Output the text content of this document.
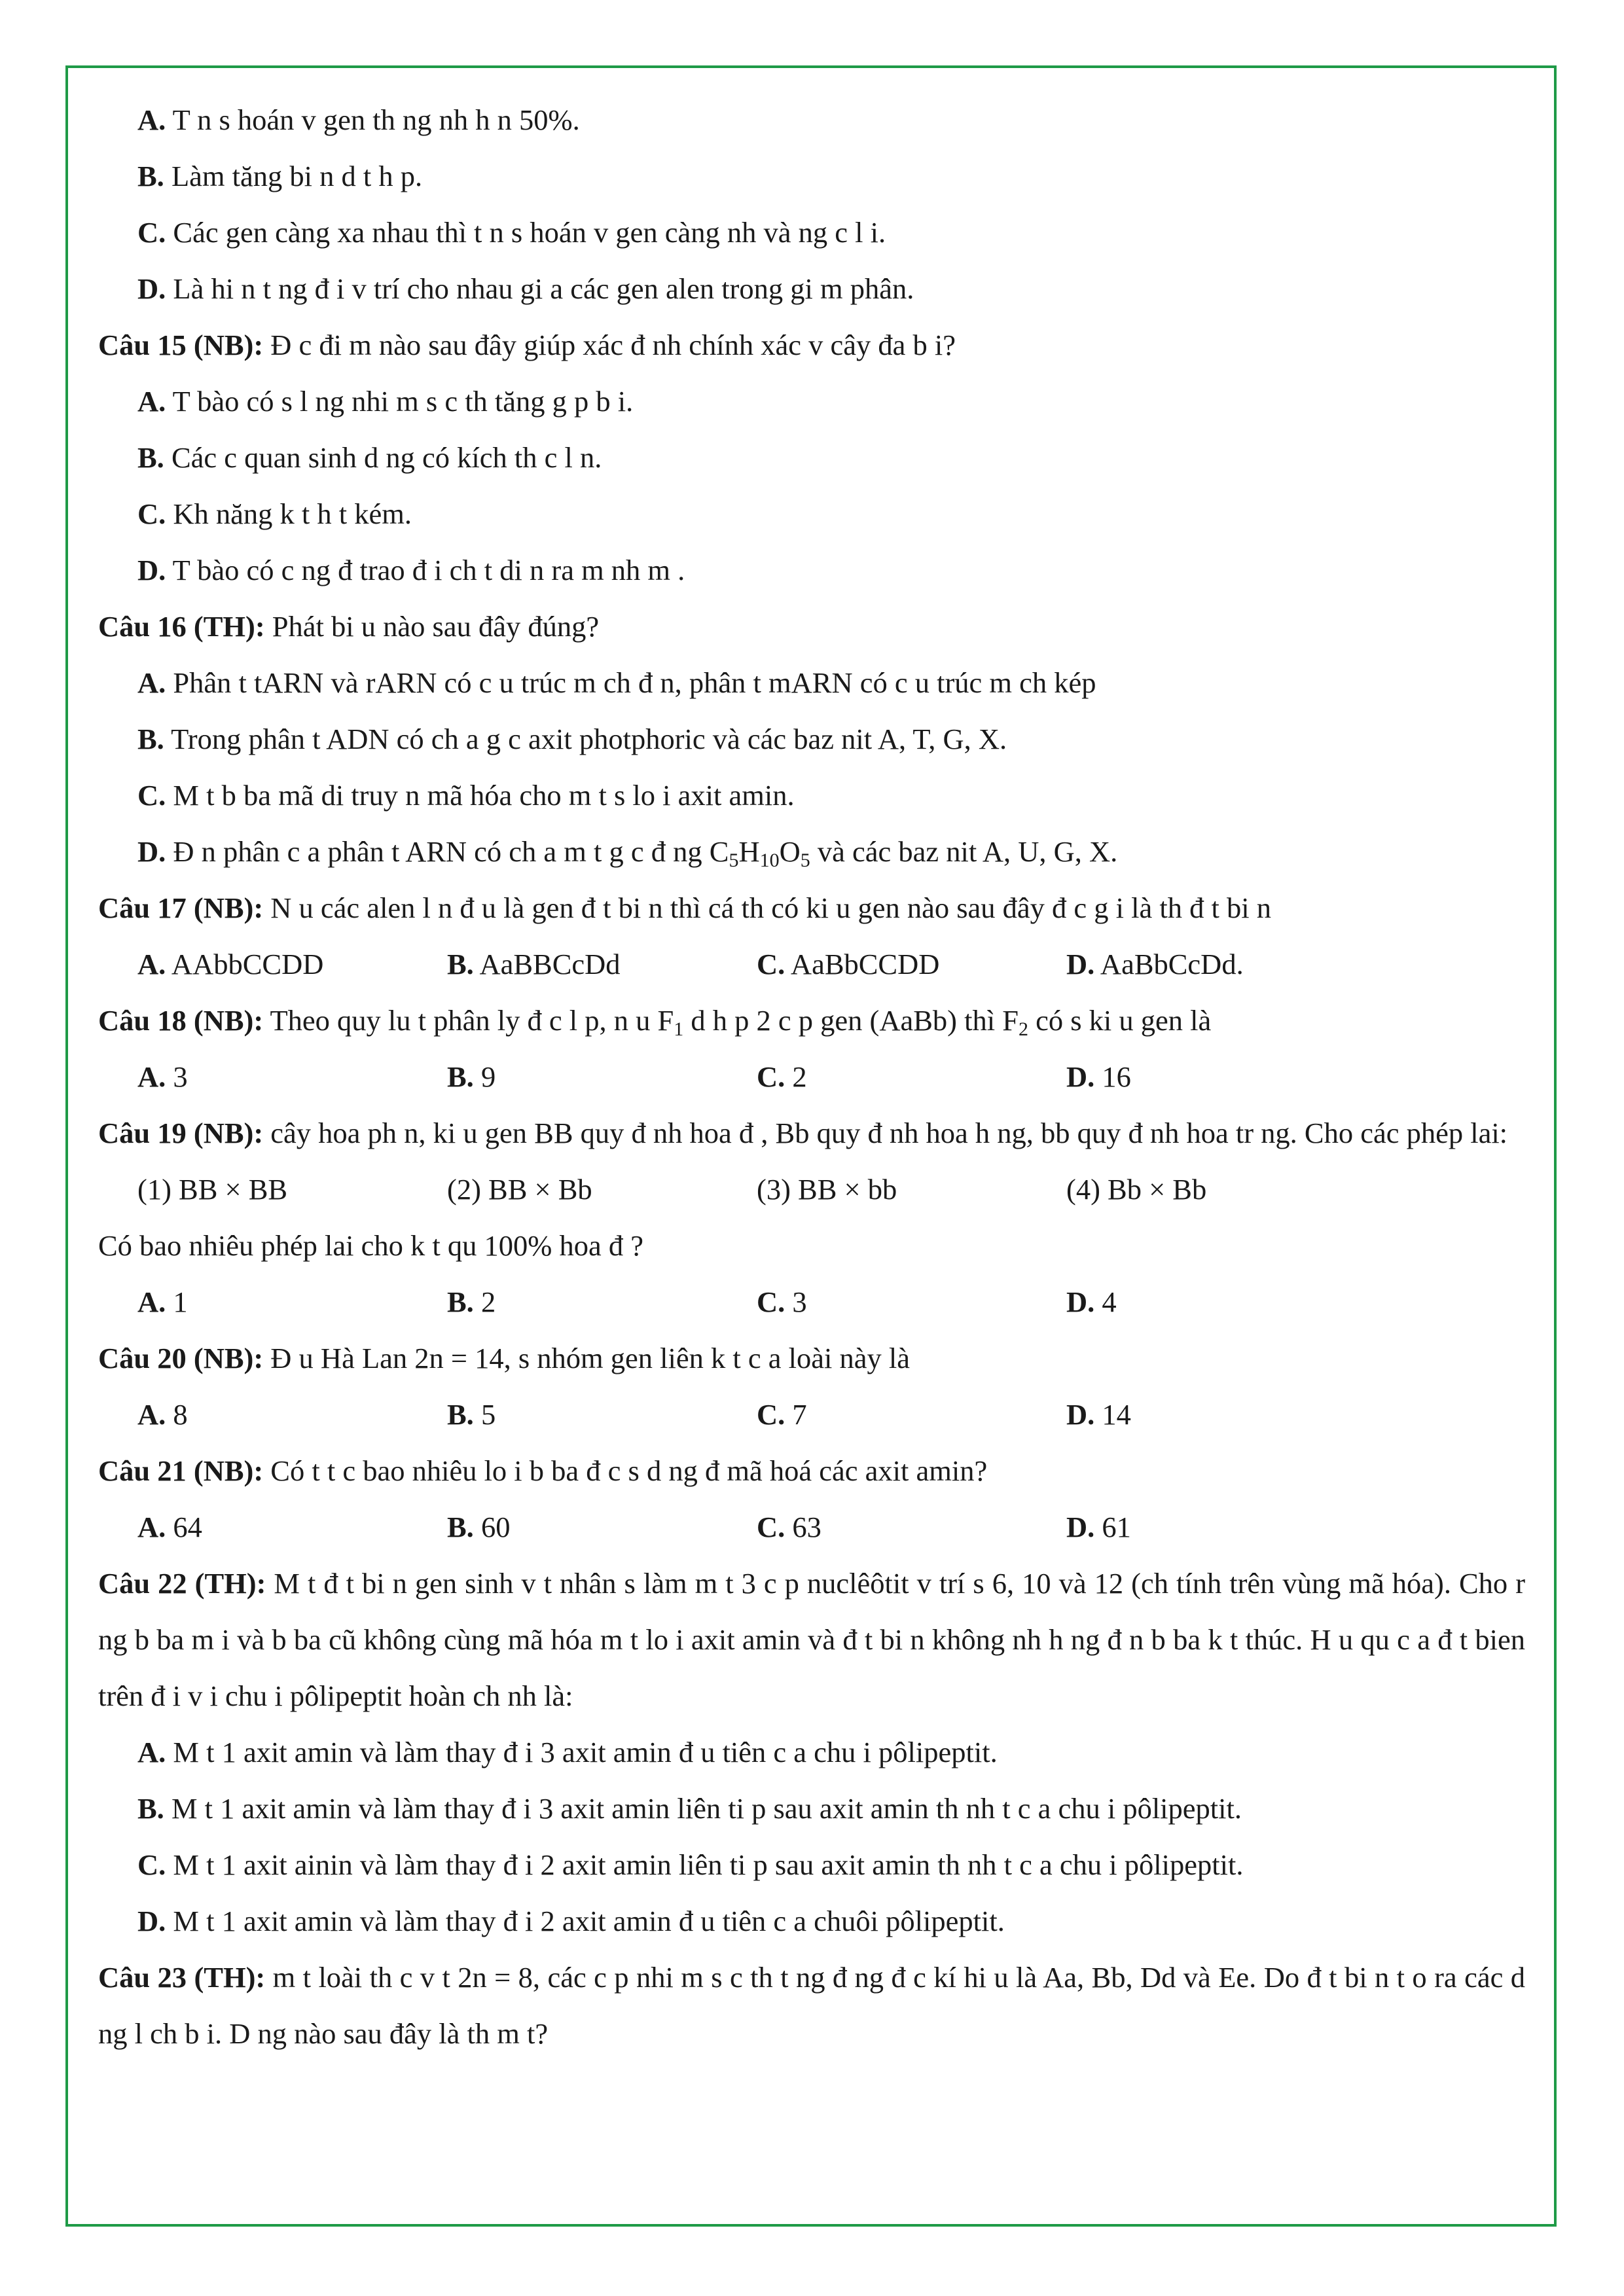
A. T n s hoán v gen th ng nh h n 50%.
B. Làm tăng bi n d t h p.
C. Các gen càng xa nhau thì t n s hoán v gen càng nh và ng c l i.
D. Là hi n t ng đ i v trí cho nhau gi a các gen alen trong gi m phân.
Câu 15 (NB): Đ c đi m nào sau đây giúp xác đ nh chính xác v cây đa b i?
A. T bào có s l ng nhi m s c th tăng g p b i.
B. Các c quan sinh d ng có kích th c l n.
C. Kh năng k t h t kém.
D. T bào có c ng đ trao đ i ch t di n ra m nh m .
Câu 16 (TH): Phát bi u nào sau đây đúng?
A. Phân t tARN và rARN có c u trúc m ch đ n, phân t mARN có c u trúc m ch kép
B. Trong phân t ADN có ch a g c axit photphoric và các baz nit A, T, G, X.
C. M t b ba mã di truy n mã hóa cho m t s lo i axit amin.
D. Đ n phân c a phân t ARN có ch a m t g c đ ng $C_5H_{10}O_5$ và các baz nit A, U, G, X.
Câu 17 (NB): N u các alen l n đ u là gen đ t bi n thì cá th có ki u gen nào sau đây đ c g i là th đ t bi n
A. AAbbCCDD	B. AaBBCcDd	C. AaBbCCDD	D. AaBbCcDd.
Câu 18 (NB): Theo quy lu t phân ly đ c l p, n u $F_1$ d h p 2 c p gen (AaBb) thì $F_2$ có s ki u gen là
A. 3	B. 9	C. 2	D. 16
Câu 19 (NB): cây hoa ph n, ki u gen BB quy đ nh hoa đ , Bb quy đ nh hoa h ng, bb quy đ nh hoa tr ng. Cho các phép lai:
(1) BB × BB	(2) BB × Bb	(3) BB × bb	(4) Bb × Bb
Có bao nhiêu phép lai cho k t qu 100% hoa đ ?
A. 1	B. 2	C. 3	D. 4
Câu 20 (NB): Đ u Hà Lan 2n = 14, s nhóm gen liên k t c a loài này là
A. 8	B. 5	C. 7	D. 14
Câu 21 (NB): Có t t c bao nhiêu lo i b ba đ c s d ng đ mã hoá các axit amin?
A. 64	B. 60	C. 63	D. 61
Câu 22 (TH): M t đ t bi n gen sinh v t nhân s làm m t 3 c p nuclêôtit v trí s 6, 10 và 12 (ch tính trên vùng mã hóa). Cho r ng b ba m i và b ba cũ không cùng mã hóa m t lo i axit amin và đ t bi n không nh h ng đ n b ba k t thúc. H u qu c a đ t bien trên đ i v i chu i pôlipeptit hoàn ch nh là:
A. M t 1 axit amin và làm thay đ i 3 axit amin đ u tiên c a chu i pôlipeptit.
B. M t 1 axit amin và làm thay đ i 3 axit amin liên ti p sau axit amin th nh t c a chu i pôlipeptit.
C. M t 1 axit ainin và làm thay đ i 2 axit amin liên ti p sau axit amin th nh t c a chu i pôlipeptit.
D. M t 1 axit amin và làm thay đ i 2 axit amin đ u tiên c a chuôi pôlipeptit.
Câu 23 (TH): m t loài th c v t 2n = 8, các c p nhi m s c th t ng đ ng đ c kí hi u là Aa, Bb, Dd và Ee. Do đ t bi n t o ra các d ng l ch b i. D ng nào sau đây là th m t?
